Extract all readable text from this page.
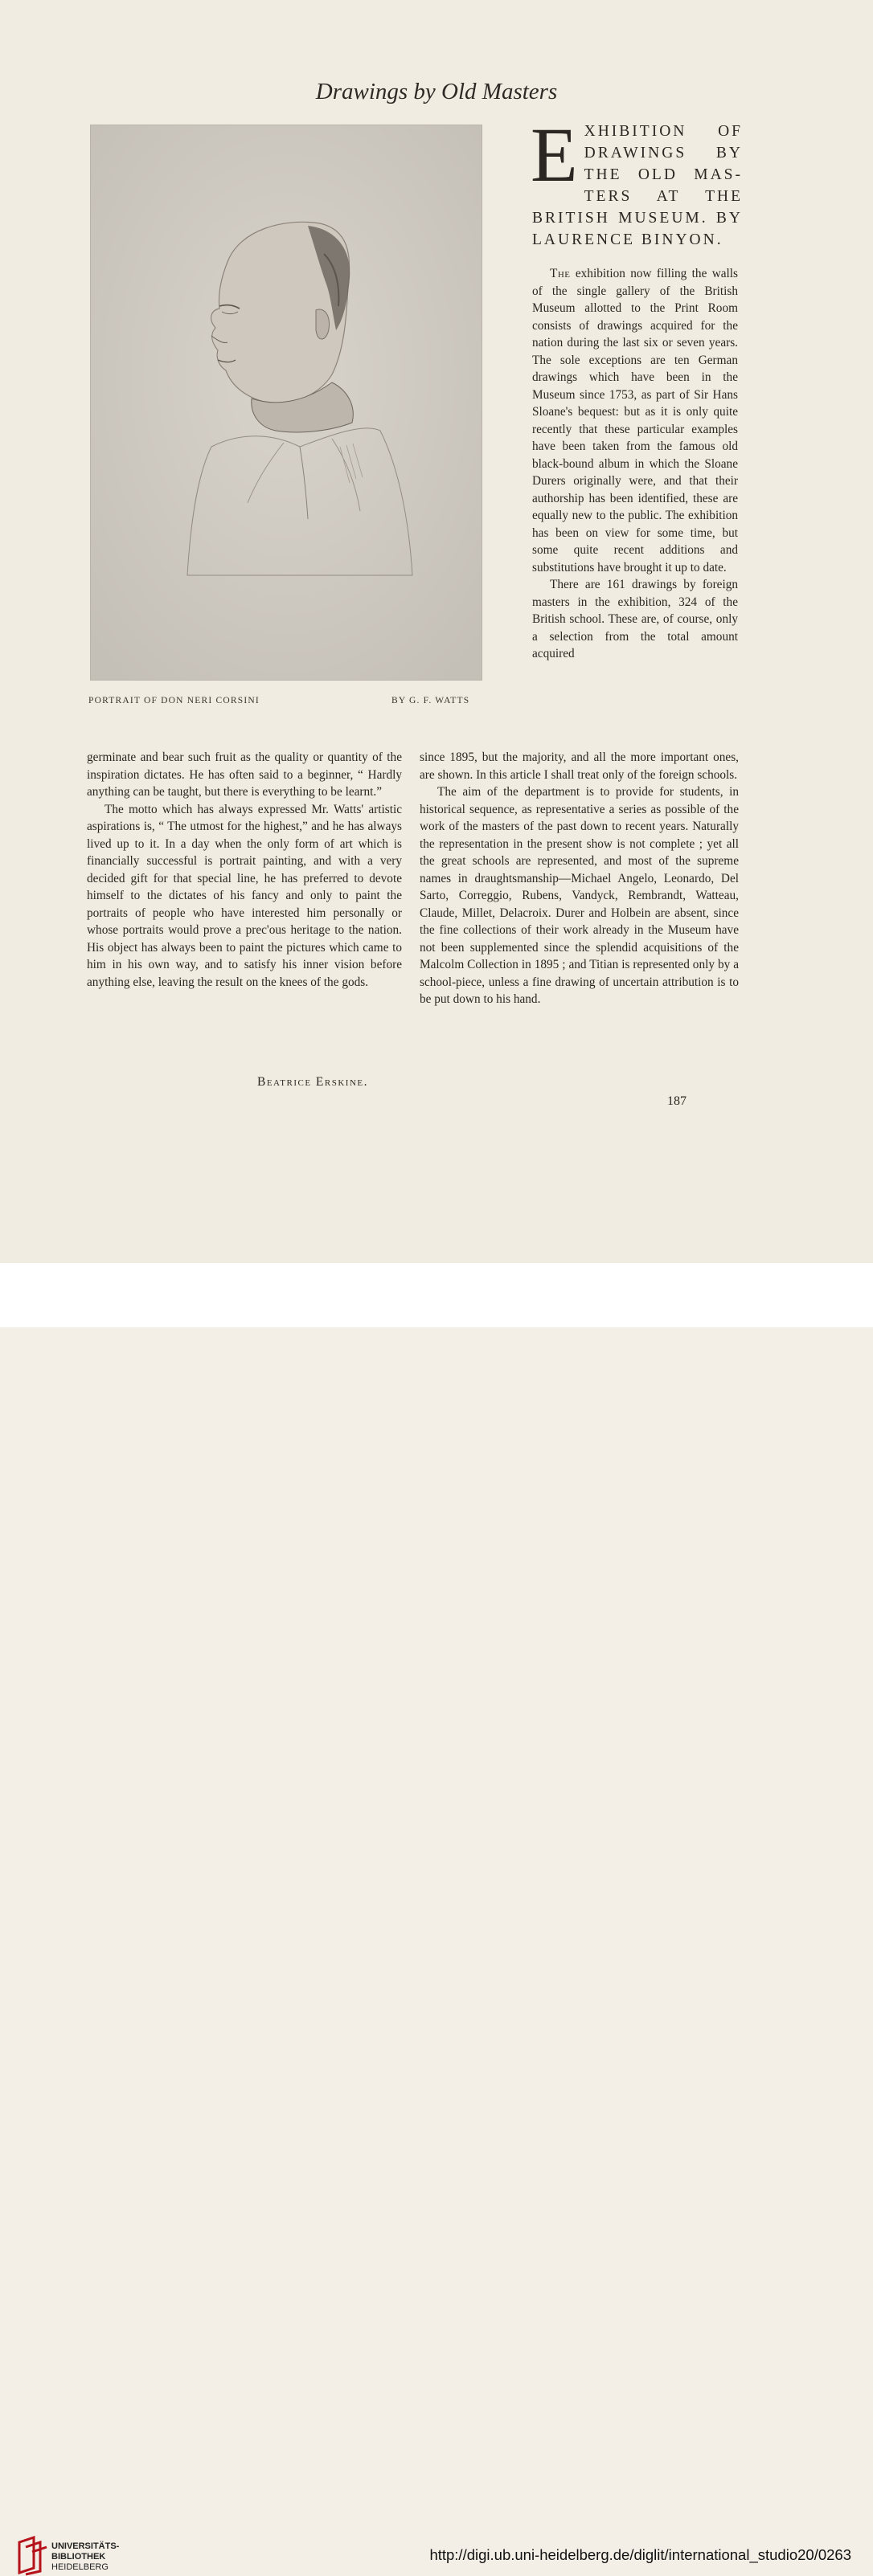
Drawings by Old Masters
PORTRAIT OF DON NERI CORSINI	BY G. F. WATTS
E XHIBITION OF
DRAWINGS BY
THE OLD MAS-
TERS AT THE
BRITISH MUSEUM. BY
LAURENCE BINYON.

The exhibition now filling the walls of the single gallery of the British Museum allotted to the Print Room consists of drawings acquired for the nation during the last six or seven years. The sole exceptions are ten German drawings which have been in the Museum since 1753, as part of Sir Hans Sloane's bequest: but as it is only quite recently that these particular examples have been taken from the famous old black-bound album in which the Sloane Durers originally were, and that their authorship has been identified, these are equally new to the public. The exhibition has been on view for some time, but some quite recent additions and substitutions have brought it up to date.

There are 161 drawings by foreign masters in the exhibition, 324 of the British school. These are, of course, only a selection from the total amount acquired

germinate and bear such fruit as the quality or quantity of the inspiration dictates. He has often said to a beginner, “ Hardly anything can be taught, but there is everything to be learnt.”

The motto which has always expressed Mr. Watts' artistic aspirations is, “ The utmost for the highest,” and he has always lived up to it. In a day when the only form of art which is financially successful is portrait painting, and with a very decided gift for that special line, he has preferred to devote himself to the dictates of his fancy and only to paint the portraits of people who have interested him personally or whose portraits would prove a prec'ous heritage to the nation. His object has always been to paint the pictures which came to him in his own way, and to satisfy his inner vision before anything else, leaving the result on the knees of the gods.

Beatrice Erskine.

since 1895, but the majority, and all the more important ones, are shown. In this article I shall treat only of the foreign schools.

The aim of the department is to provide for students, in historical sequence, as representative a series as possible of the work of the masters of the past down to recent years. Naturally the representation in the present show is not complete ; yet all the great schools are represented, and most of the supreme names in draughtsmanship—Michael Angelo, Leonardo, Del Sarto, Correggio, Rubens, Vandyck, Rembrandt, Watteau, Claude, Millet, Delacroix. Durer and Holbein are absent, since the fine collections of their work already in the Museum have not been supplemented since the splendid acquisitions of the Malcolm Collection in 1895 ; and Titian is represented only by a school-piece, unless a fine drawing of uncertain attribution is to be put down to his hand.

187
UNIVERSITÄTS-
BIBLIOTHEK
HEIDELBERG
http://digi.ub.uni-heidelberg.de/diglit/international_studio20/0263
